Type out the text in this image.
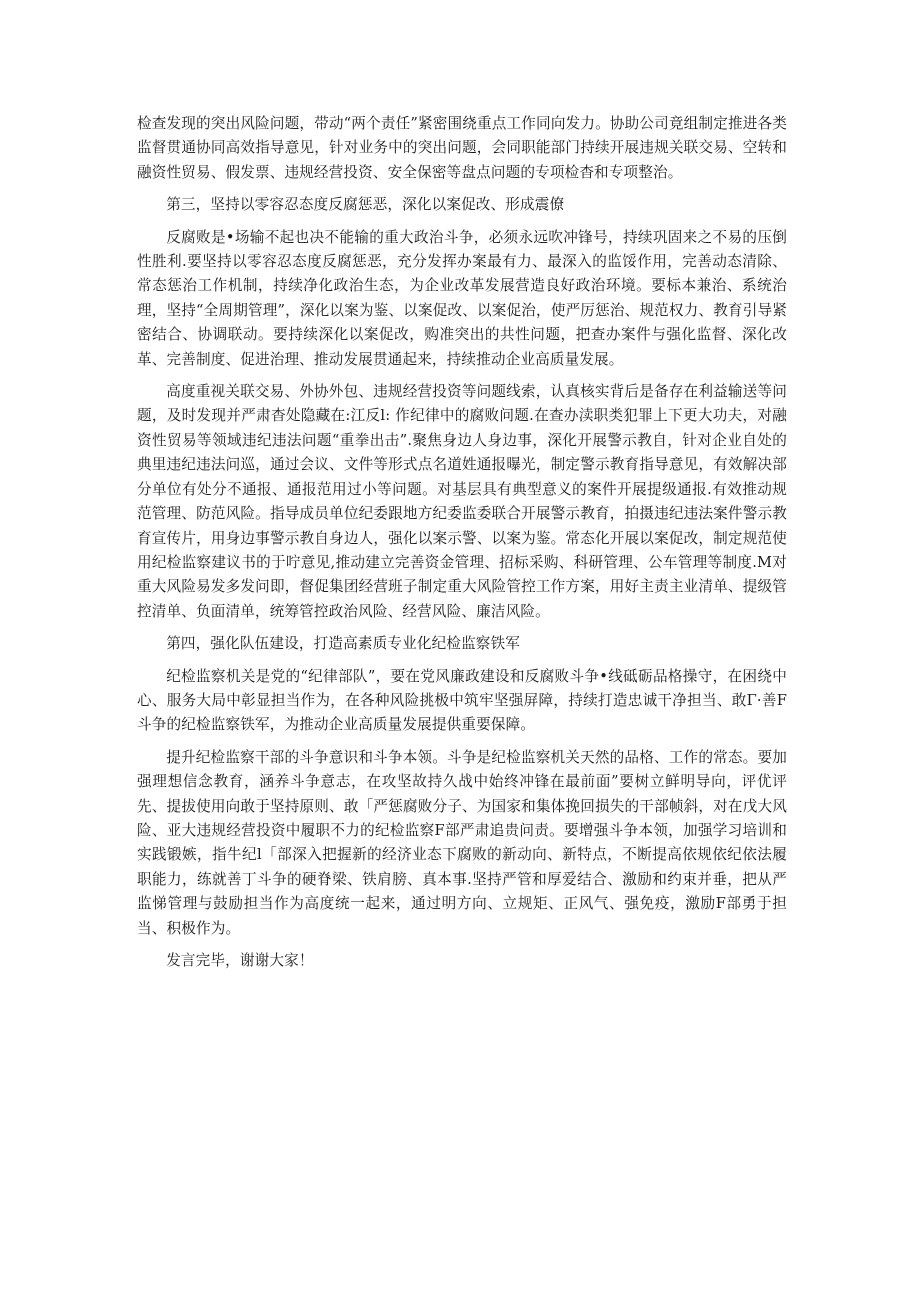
检查发现的突出风险问题，带动“两个责任”紧密围绕重点工作同向发力。协助公司竟组制定推进各类监督贯通协同高效指导意见，针对业务中的突出问题，会同职能部门持续开展违规关联交易、空转和融资性贸易、假发票、违规经营投资、安全保密等盘点问题的专项检杳和专项整治。

第三，坚持以零容忍态度反腐惩恶，深化以案促改、形成震僚

反腐败是•场输不起也决不能输的重大政治斗争，必须永远吹冲锋号，持续巩固来之不易的压倒性胜利.要坚持以零容忍态度反腐惩恶，充分发挥办案最有力、最深入的监馁作用，完善动态清除、常态惩治工作机制，持续净化政治生态，为企业改革发展营造良好政治环境。要标本兼治、系统治理，坚持“全周期管理”，深化以案为鉴、以案促改、以案促治，使严厉惩治、规范权力、教育引导紧密结合、协调联动。要持续深化以案促改，购准突出的共性问题，把查办案件与强化监督、深化改革、完善制度、促进治理、推动发展贯通起来，持续推动企业高质量发展。

高度重视关联交易、外协外包、违规经营投资等问题线索，认真核实背后是备存在利益输送等问题，及时发现并严肃杳处隐藏在:江反l: 作纪律中的腐败问题.在查办渎职类犯罪上下更大功夫，对融资性贸易等领域违纪违法问题“重拳出击”.聚焦身边人身边事，深化开展警示教自，针对企业自处的典里违纪违法问巡，通过会议、文件等形式点名道姓通报曝光，制定警示教育指导意见，有效解决部分单位有处分不通报、通报范用过小等问题。对基层具有典型意义的案件开展提级通报.有效推动规范管理、防范风险。指导成员单位纪委跟地方纪委监委联合开展警示教育，拍摄违纪违法案件警示教育宣传片，用身边事警示教自身边人，强化以案示警、以案为鉴。常态化开展以案促改，制定规范使用纪检监察建议书的于咛意见,推动建立完善资金管理、招标采购、科研管理、公车管理等制度.M对重大风险易发多发问即，督促集团经营班子制定重大风险管控工作方案，用好主责主业清单、提级管控清单、负面清单，统筹管控政治风险、经营风险、廉洁风险。

第四，强化队伍建设，打造高素质专业化纪检监察铁军

纪检监察机关是党的“纪律部队”，要在党风廉政建设和反腐败斗争•线砥砺品格操守，在困绕中心、服务大局中彰显担当作为，在各种风险挑极中筑牢坚强屏障，持续打造忠诚干净担当、敢Γ·善F斗争的纪检监察铁军，为推动企业高质量发展提供重要保障。

提升纪检监察干部的斗争意识和斗争本领。斗争是纪检监察机关天然的品格、工作的常态。要加强理想信念教育，涵养斗争意志，在攻坚故持久战中始终冲锋在最前面”要树立鲜明导向，评优评先、提拔使用向敢于坚持原则、敢「严惩腐败分子、为国家和集体挽回损失的干部帧斜，对在戊大风险、亚大违规经营投资中履职不力的纪检监察F部严肃追贵问责。要增强斗争本领，加强学习培训和实践锻嫉，指牛纪l「部深入把握新的经济业态下腐败的新动向、新特点，不断提高依规依纪依法履职能力，练就善丁斗争的硬脊梁、铁肩膀、真本事.坚持严管和厚爱结合、激励和约束并垂，把从严监悌管理与鼓励担当作为高度统一起来，通过明方向、立规矩、正风气、强免疫，激励F部勇于担当、积极作为。

发言完毕，谢谢大家！
